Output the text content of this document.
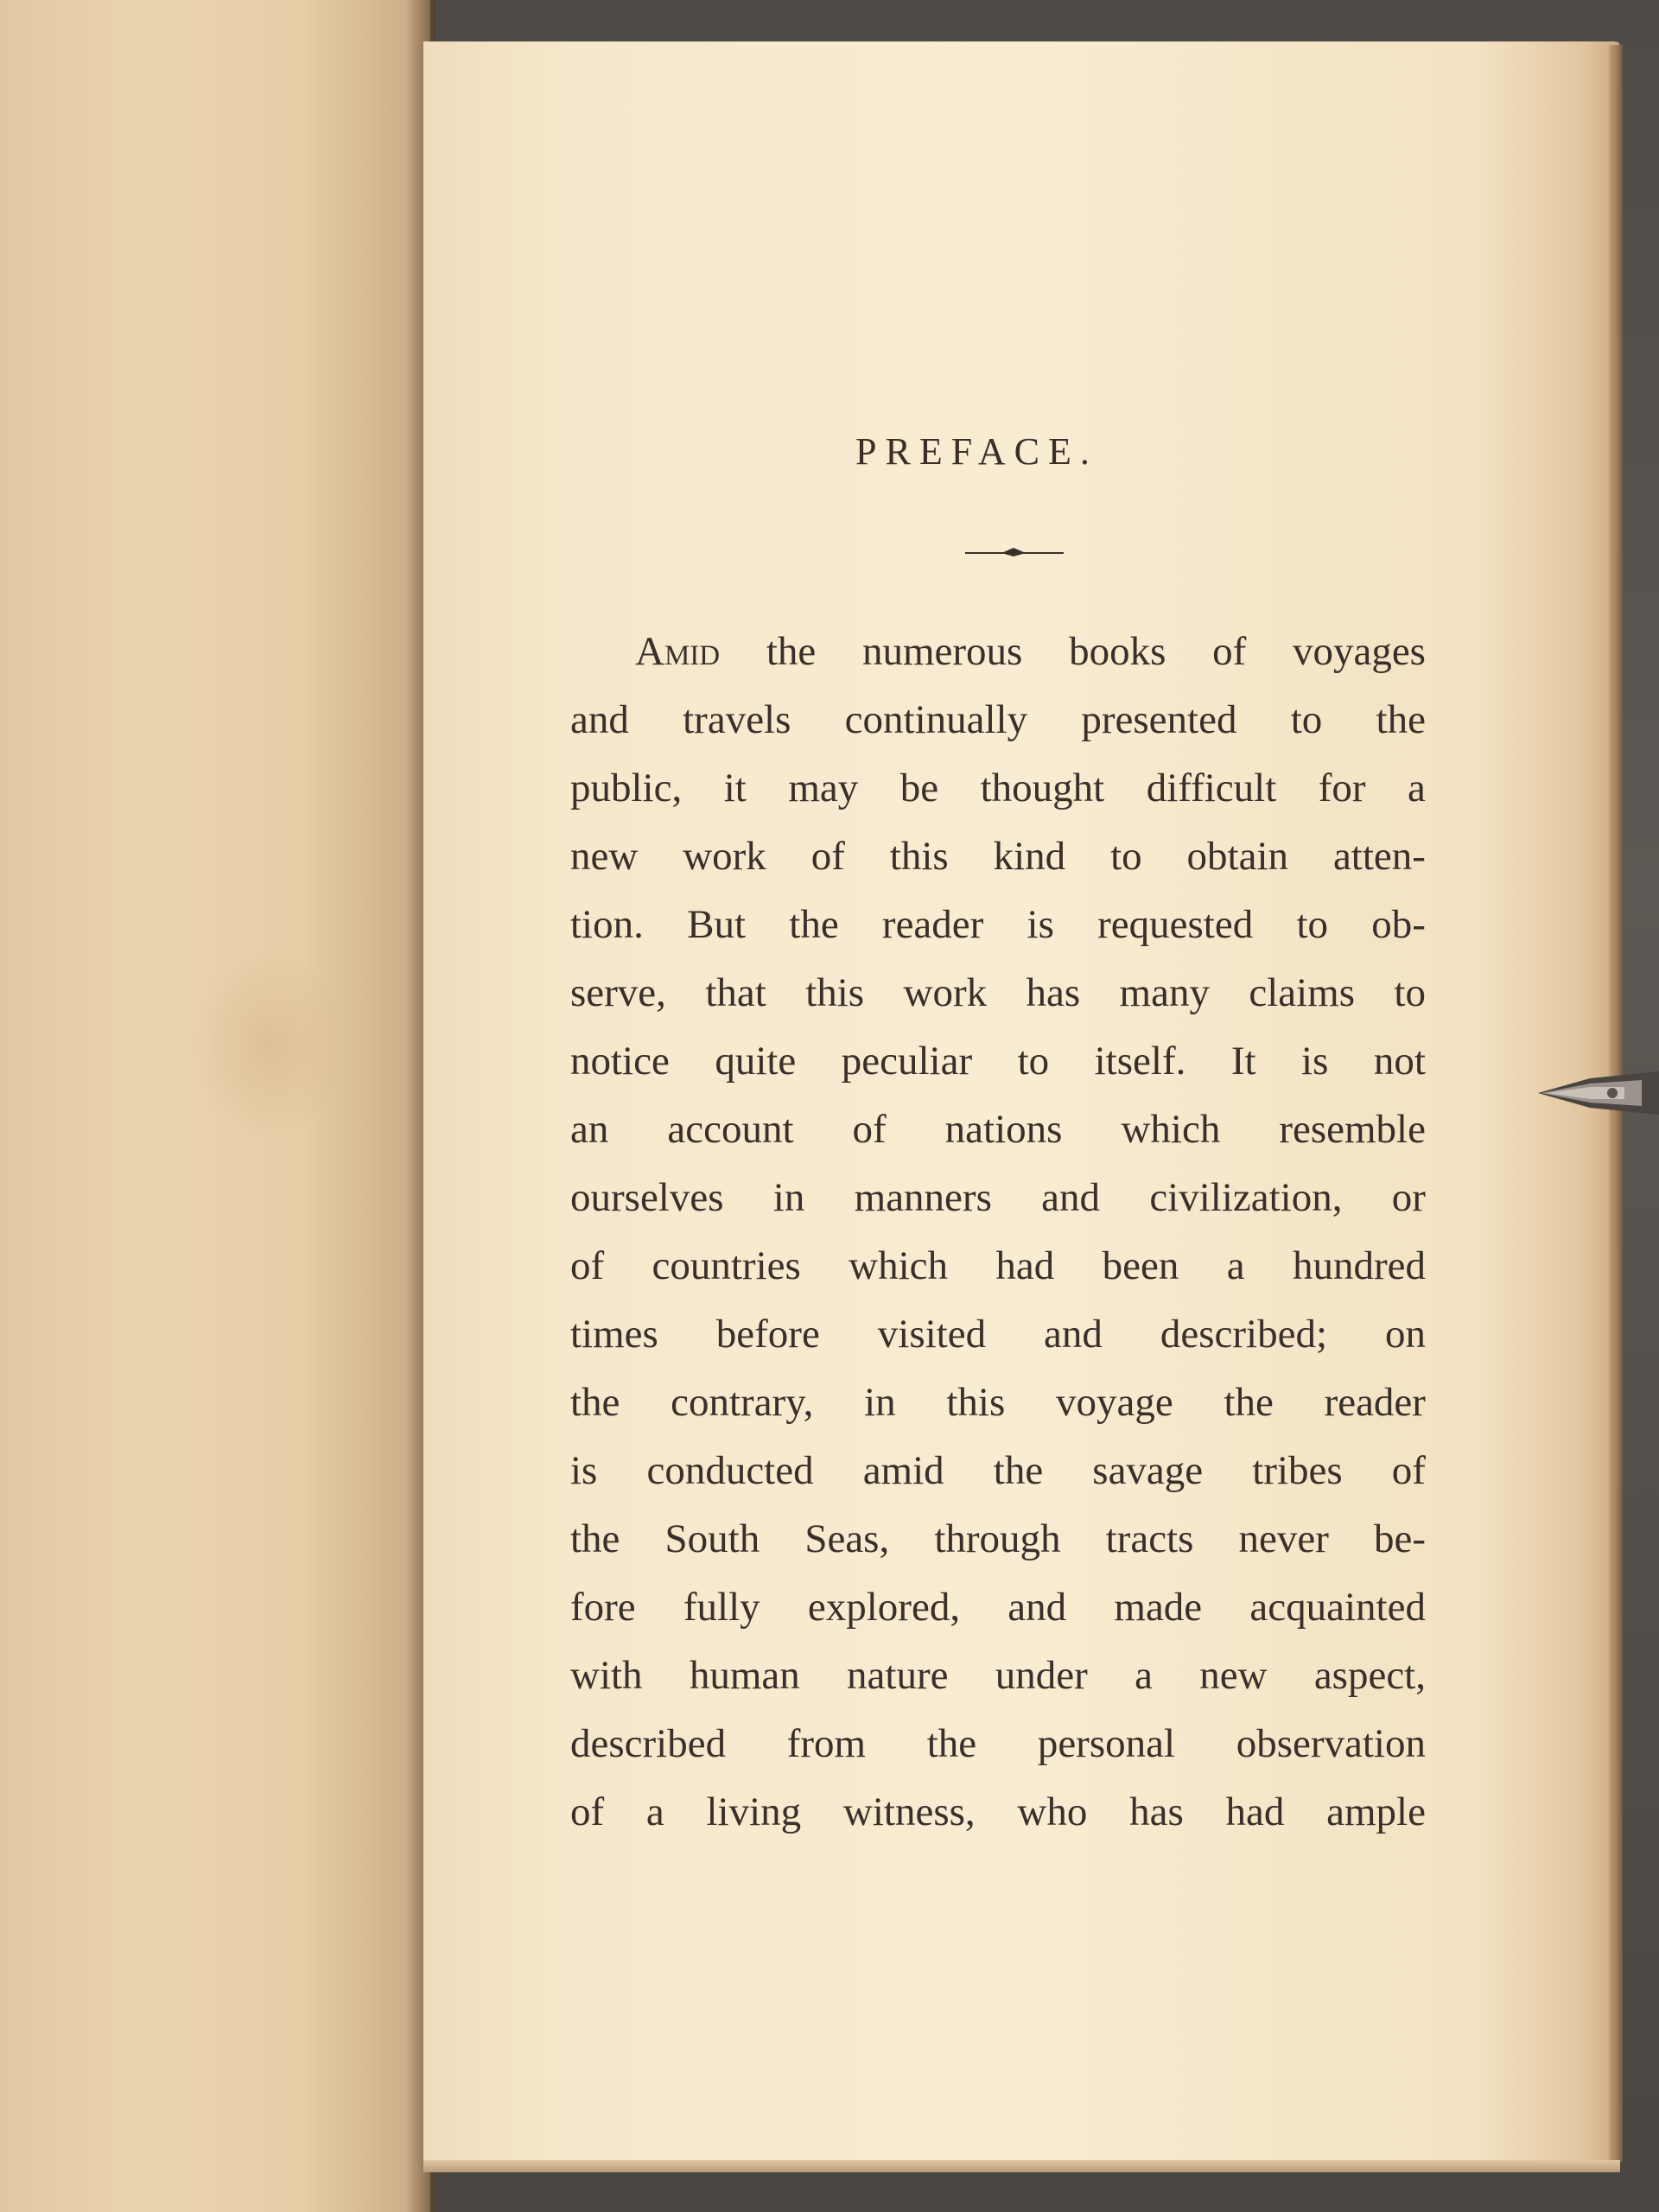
PREFACE.
Amid the numerous books of voyages
and travels continually presented to the
public, it may be thought difficult for a
new work of this kind to obtain atten-
tion. But the reader is requested to ob-
serve, that this work has many claims to
notice quite peculiar to itself. It is not
an account of nations which resemble
ourselves in manners and civilization, or
of countries which had been a hundred
times before visited and described; on
the contrary, in this voyage the reader
is conducted amid the savage tribes of
the South Seas, through tracts never be-
fore fully explored, and made acquainted
with human nature under a new aspect,
described from the personal observation
of a living witness, who has had ample
